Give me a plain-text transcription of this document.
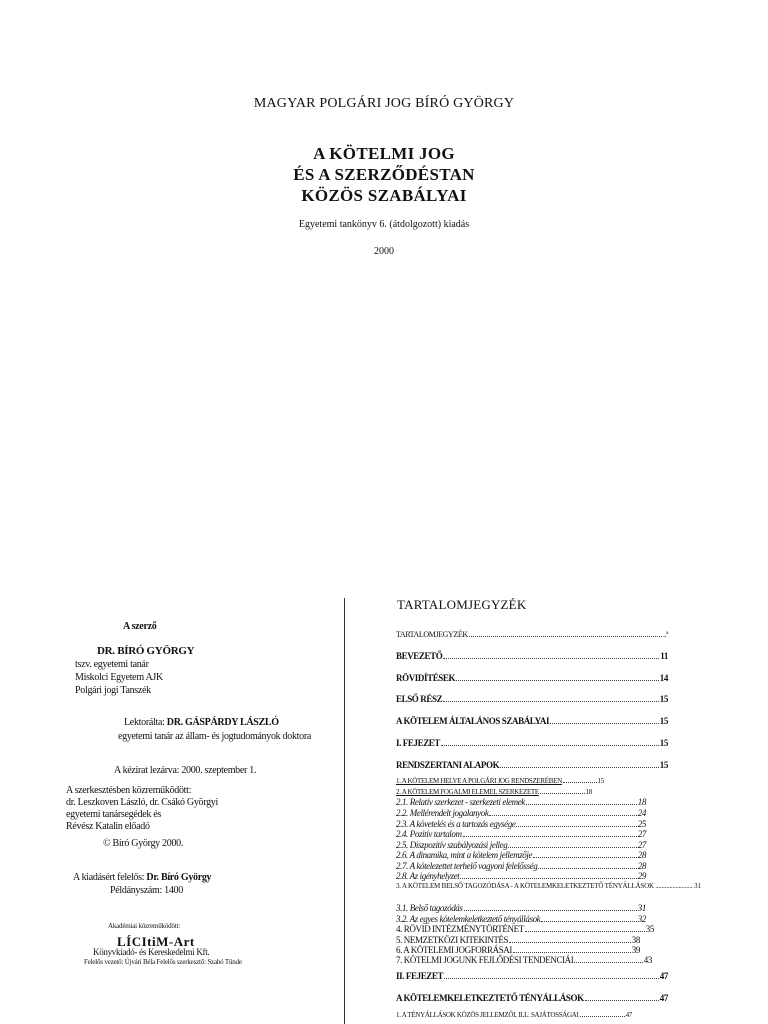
MAGYAR POLGÁRI JOG BÍRÓ GYÖRGY
A KÖTELMI JOG
ÉS A SZERZŐDÉSTAN
KÖZÖS SZABÁLYAI
Egyetemi tankönyv 6. (átdolgozott) kiadás
2000
A szerző
DR. BÍRÓ GYÖRGY
tszv. egyetemi tanár
Miskolci Egyetem AJK
Polgári jogi Tanszék
Lektorálta: DR. GÁSPÁRDY LÁSZLÓ
egyetemi tanár az állam- és jogtudományok doktora
A kézirat lezárva: 2000. szeptember 1.
A szerkesztésben közreműködött:
dr. Leszkoven László, dr. Csákó Györgyi
egyetemi tanársegédek és
Révész Katalin előadó
© Bíró György 2000.
A kiadásért felelős: Dr. Bíró György
Példányszám: 1400
Akadémiai közreműködött:
LÍCItiM-Art
Könyvkiadó- és Kereskedelmi Kft.
Felelős vezető: Újvári Béla Felelős szerkesztő: Szabó Tünde
TARTALOMJEGYZÉK
TARTALOMJEGYZÉK	..ª
BEVEZETŐ	11
RÖVIDÍTÉSEK	14
ELSŐ RÉSZ	15
A KÖTELEM ÁLTALÁNOS SZABÁLYAI	15
I. FEJEZET	15
RENDSZERTANI ALAPOK	15
1. A KÖTELEM HELYE A POLGÁRI JOG RENDSZERÉBEN	15
2. A KÖTELEM FOGALMI ELEMEI, SZERKEZETE	18
2.1. Relatív szerkezet - szerkezeti elemek	18
2.2. Mellérendelt jogalanyok	24
2.3. A követelés és a tartozás egysége	25
2.4. Pozitív tartalom	27
2.5. Diszpozitív szabályozási jelleg	27
2.6. A dinamika, mint a kötelem jellemzője	28
2.7. A kötelezettet terhelő vagyoni felelősség	28
2.8. Az igényhelyzet	29
3. A KÖTELEM BELSŐ TAGOZÓDÁSA - A KÖTELEMKELETKEZTETŐ TÉNYÁLLÁSOK ........................ 31
3.1. Belső tagozódás	31
3.2. Az egyes kötelemkeletkeztető tényállások	32
4. RÖVID INTÉZMÉNYTÖRTÉNET	35
5. NEMZETKÖZI KITEKINTÉS	38
6. A KÖTELEMI JOGFORRÁSAI	39
7. KÖTELMI JOGUNK FEJLŐDÉSI TENDENCIÁI	43
II. FEJEZET	47
A KÖTELEMKELETKEZTETŐ TÉNYÁLLÁSOK	47
1. A TÉNYÁLLÁSOK KÖZÖS JELLEMZŐI, ILL. SAJÁTOSSÁGAI	47
